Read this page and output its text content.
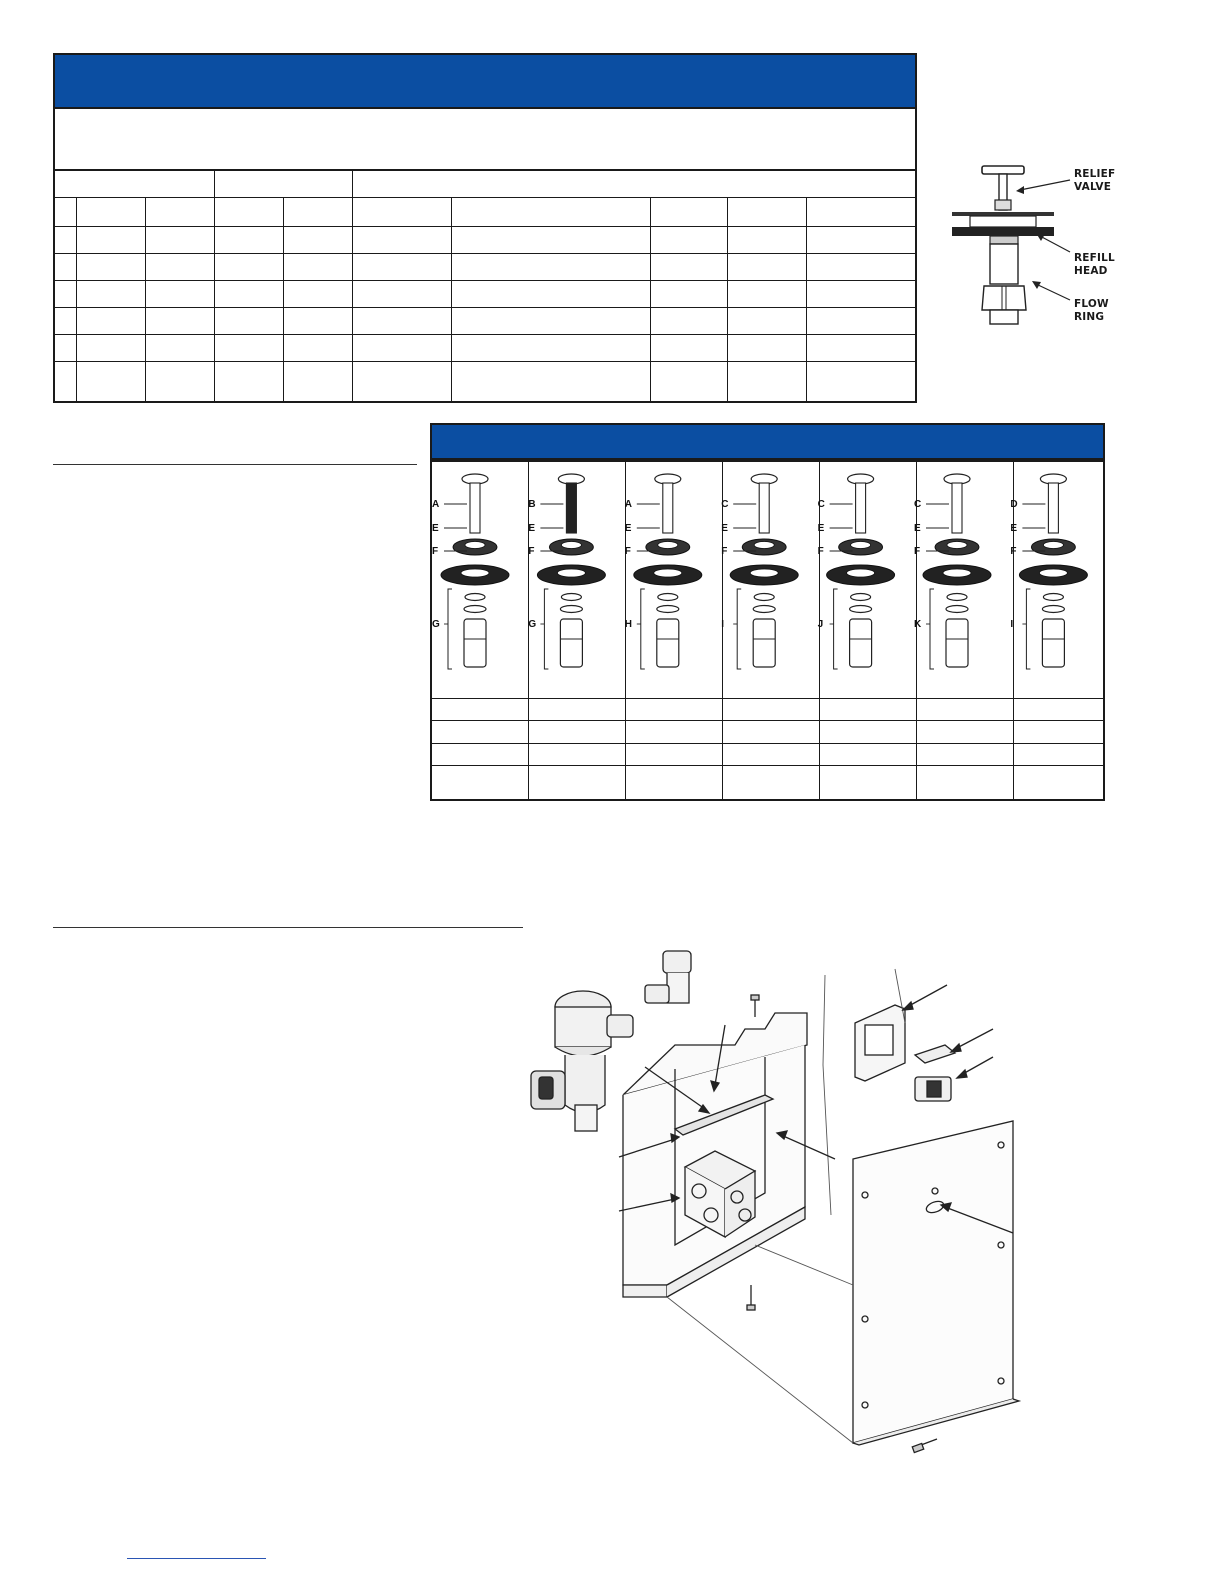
RELIEF VALVE
REFILL HEAD
FLOW RING

A
E
F
G
B
E
F
G
A
E
F
H
C
E
F
I
C
E
F
J
C
E
F
K
D
E
F
I
